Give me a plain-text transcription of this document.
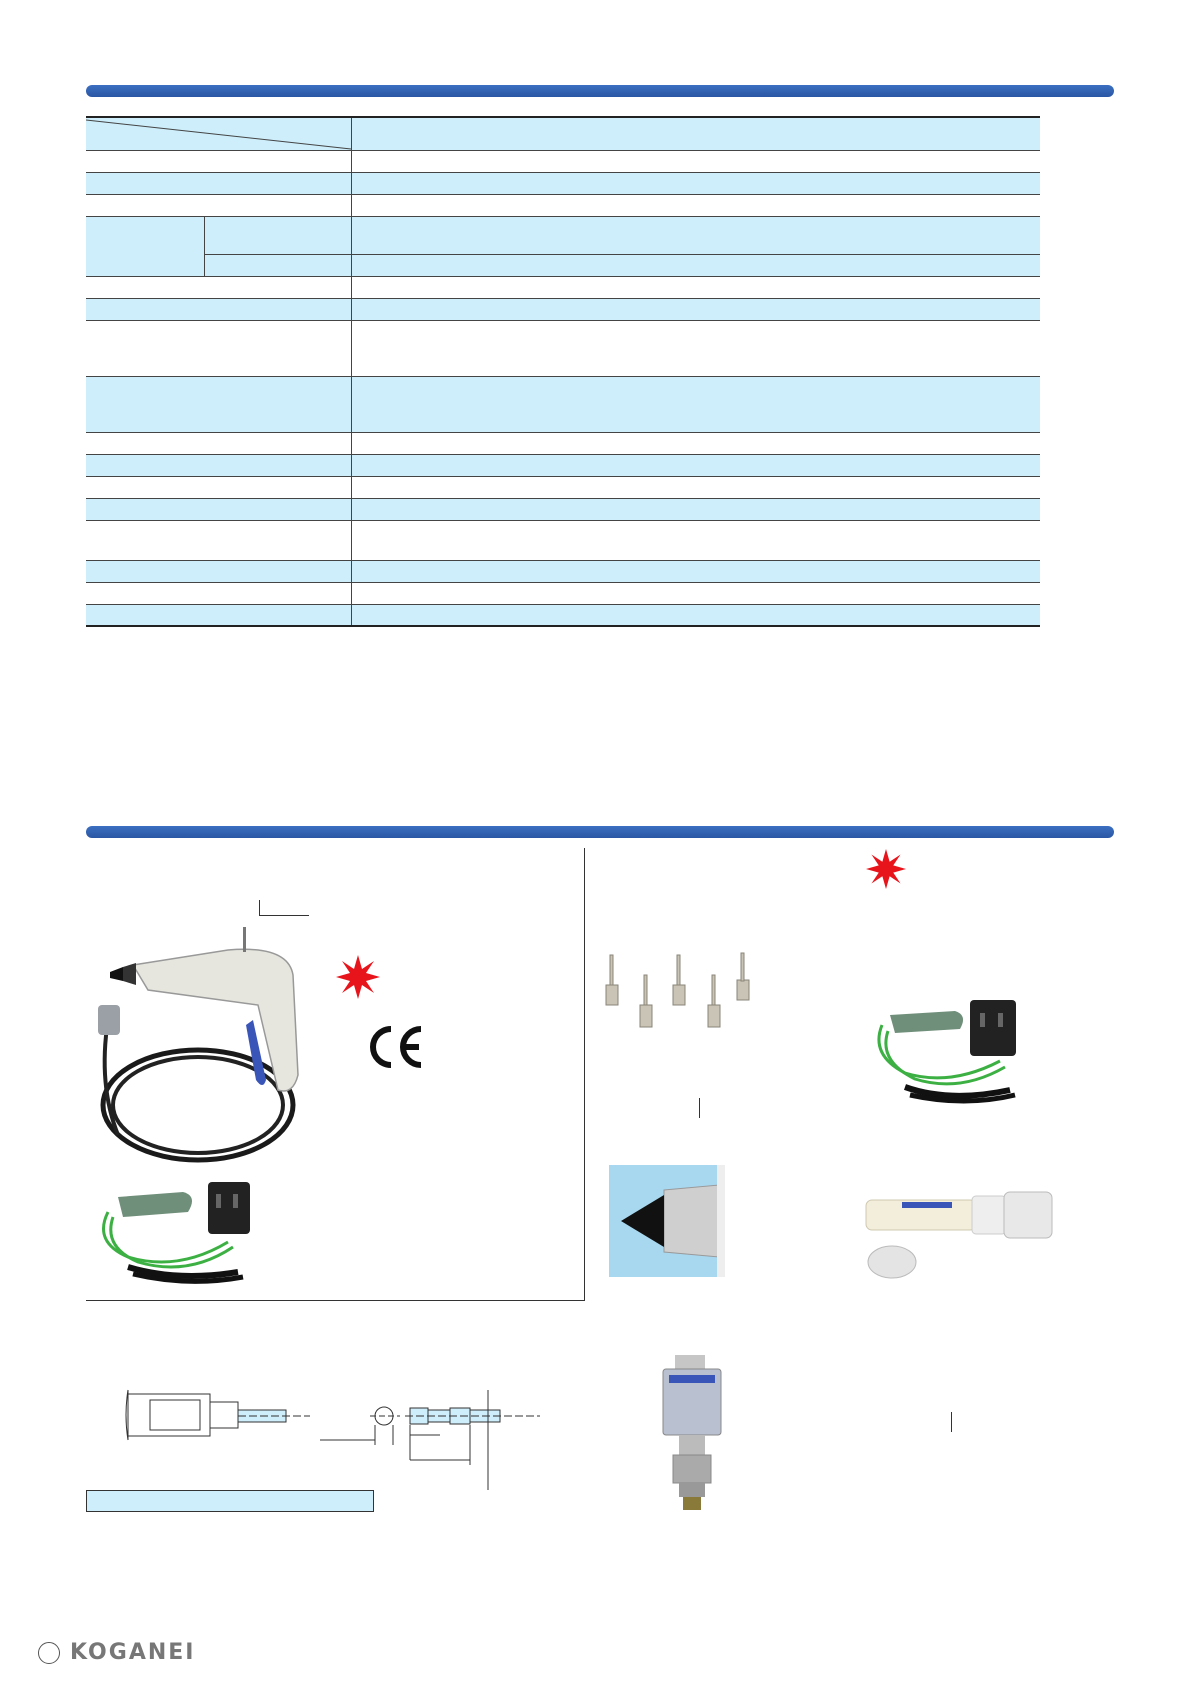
KOGANEI
